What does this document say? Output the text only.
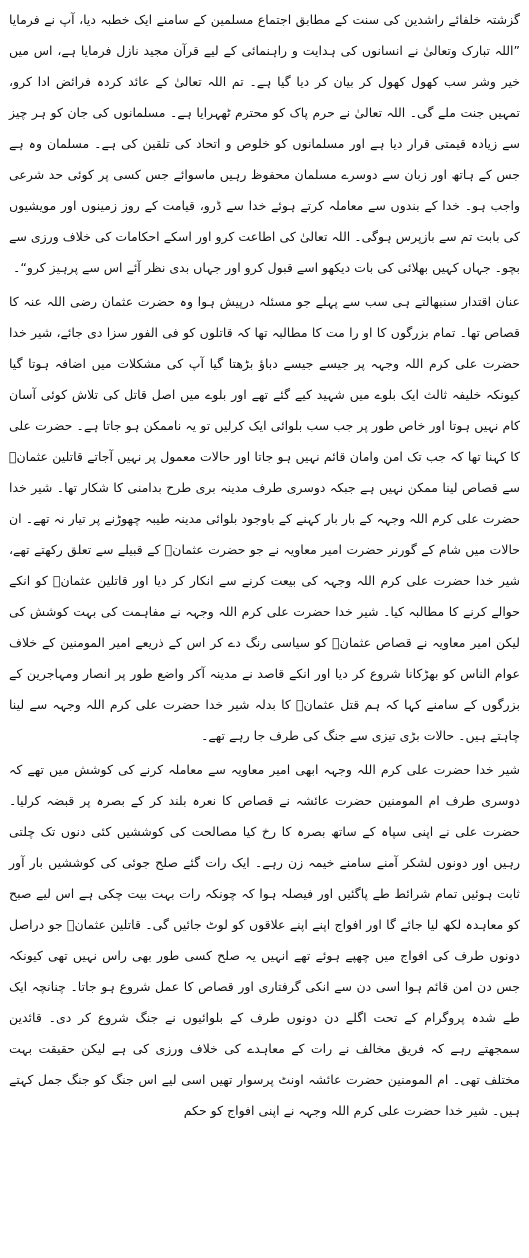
گزشتہ خلفائے راشدین کی سنت کے مطابق اجتماع مسلمین کے سامنے ایک خطبہ دیا، آپ نے فرمایا ”اللہ تبارک وتعالیٰ نے انسانوں کی ہدایت و راہنمائی کے لیے قرآن مجید نازل فرمایا ہے، اس میں خیر وشر سب کھول کھول کر بیان کر دیا گیا ہے۔ تم اللہ تعالیٰ کے عائد کردہ فرائض ادا کرو، تمہیں جنت ملے گی۔ اللہ تعالیٰ نے حرم پاک کو محترم ٹھہرایا ہے۔ مسلمانوں کی جان کو ہر چیز سے زیادہ قیمتی قرار دیا ہے اور مسلمانوں کو خلوص و اتحاد کی تلقین کی ہے۔ مسلمان وہ ہے جس کے ہاتھ اور زبان سے دوسرے مسلمان محفوظ رہیں ماسوائے جس کسی پر کوئی حد شرعی واجب ہو۔ خدا کے بندوں سے معاملہ کرتے ہوئے خدا سے ڈرو، قیامت کے روز زمینوں اور مویشیوں کی بابت تم سے بازپرس ہوگی۔ اللہ تعالیٰ کی اطاعت کرو اور اسکے احکامات کی خلاف ورزی سے بچو۔ جہاں کہیں بھلائی کی بات دیکھو اسے قبول کرو اور جہاں بدی نظر آئے اس سے پرہیز کرو“۔

عنان اقتدار سنبھالتے ہی سب سے پہلے جو مسئلہ درپیش ہوا وہ حضرت عثمان رضی اللہ عنہ کا قصاص تھا۔ تمام بزرگوں کا او را مت کا مطالبہ تھا کہ قاتلوں کو فی الفور سزا دی جائے، شیر خدا حضرت علی کرم اللہ وجہہ پر جیسے جیسے دباؤ بڑھتا گیا آپ کی مشکلات میں اضافہ ہوتا گیا کیونکہ خلیفہ ثالث ایک بلوے میں شہید کیے گئے تھے اور بلوے میں اصل قاتل کی تلاش کوئی آسان کام نہیں ہوتا اور خاص طور پر جب سب بلوائی ایک کرلیں تو یہ ناممکن ہو جاتا ہے۔ حضرت علی کا کہنا تھا کہ جب تک امن وامان قائم نہیں ہو جاتا اور حالات معمول پر نہیں آجاتے قاتلین عثمانؓ سے قصاص لینا ممکن نہیں ہے جبکہ دوسری طرف مدینہ بری طرح بدامنی کا شکار تھا۔ شیر خدا حضرت علی کرم اللہ وجہہ کے بار بار کہنے کے باوجود بلوائی مدینہ طیبہ چھوڑنے پر تیار نہ تھے۔ ان حالات میں شام کے گورنر حضرت امیر معاویہ نے جو حضرت عثمانؓ کے قبیلے سے تعلق رکھتے تھے، شیر خدا حضرت علی کرم اللہ وجہہ کی بیعت کرنے سے انکار کر دیا اور قاتلین عثمانؓ کو انکے حوالے کرنے کا مطالبہ کیا۔ شیر خدا حضرت علی کرم اللہ وجہہ نے مفاہمت کی بہت کوشش کی لیکن امیر معاویہ نے قصاص عثمانؓ کو سیاسی رنگ دے کر اس کے ذریعے امیر المومنین کے خلاف عوام الناس کو بھڑکانا شروع کر دیا اور انکے قاصد نے مدینہ آکر واضع طور پر انصار ومہاجرین کے بزرگوں کے سامنے کہا کہ ہم قتل عثمانؓ کا بدلہ شیر خدا حضرت علی کرم اللہ وجہہ سے لینا چاہتے ہیں۔ حالات بڑی تیزی سے جنگ کی طرف جا رہے تھے۔

شیر خدا حضرت علی کرم اللہ وجہہ ابھی امیر معاویہ سے معاملہ کرنے کی کوشش میں تھے کہ دوسری طرف ام المومنین حضرت عائشہ نے قصاص کا نعرہ بلند کر کے بصرہ پر قبضہ کرلیا۔ حضرت علی نے اپنی سپاہ کے ساتھ بصرہ کا رخ کیا مصالحت کی کوششیں کئی دنوں تک چلتی رہیں اور دونوں لشکر آمنے سامنے خیمہ زن رہے۔ ایک رات گئے صلح جوئی کی کوششیں بار آور ثابت ہوئیں تمام شرائط طے پاگئیں اور فیصلہ ہوا کہ چونکہ رات بہت بیت چکی ہے اس لیے صبح کو معاہدہ لکھ لیا جائے گا اور افواج اپنے اپنے علاقوں کو لوٹ جائیں گی۔ قاتلین عثمانؓ جو دراصل دونوں طرف کی افواج میں چھپے ہوئے تھے انہیں یہ صلح کسی طور بھی راس نہیں تھی کیونکہ جس دن امن قائم ہوا اسی دن سے انکی گرفتاری اور قصاص کا عمل شروع ہو جاتا۔ چنانچہ ایک طے شدہ پروگرام کے تحت اگلے دن دونوں طرف کے بلوائیوں نے جنگ شروع کر دی۔ قائدین سمجھتے رہے کہ فریق مخالف نے رات کے معاہدے کی خلاف ورزی کی ہے لیکن حقیقت بہت مختلف تھی۔ ام المومنین حضرت عائشہ اونٹ پرسوار تھیں اسی لیے اس جنگ کو جنگ جمل کہتے ہیں۔ شیر خدا حضرت علی کرم اللہ وجہہ نے اپنی افواج کو حکم
